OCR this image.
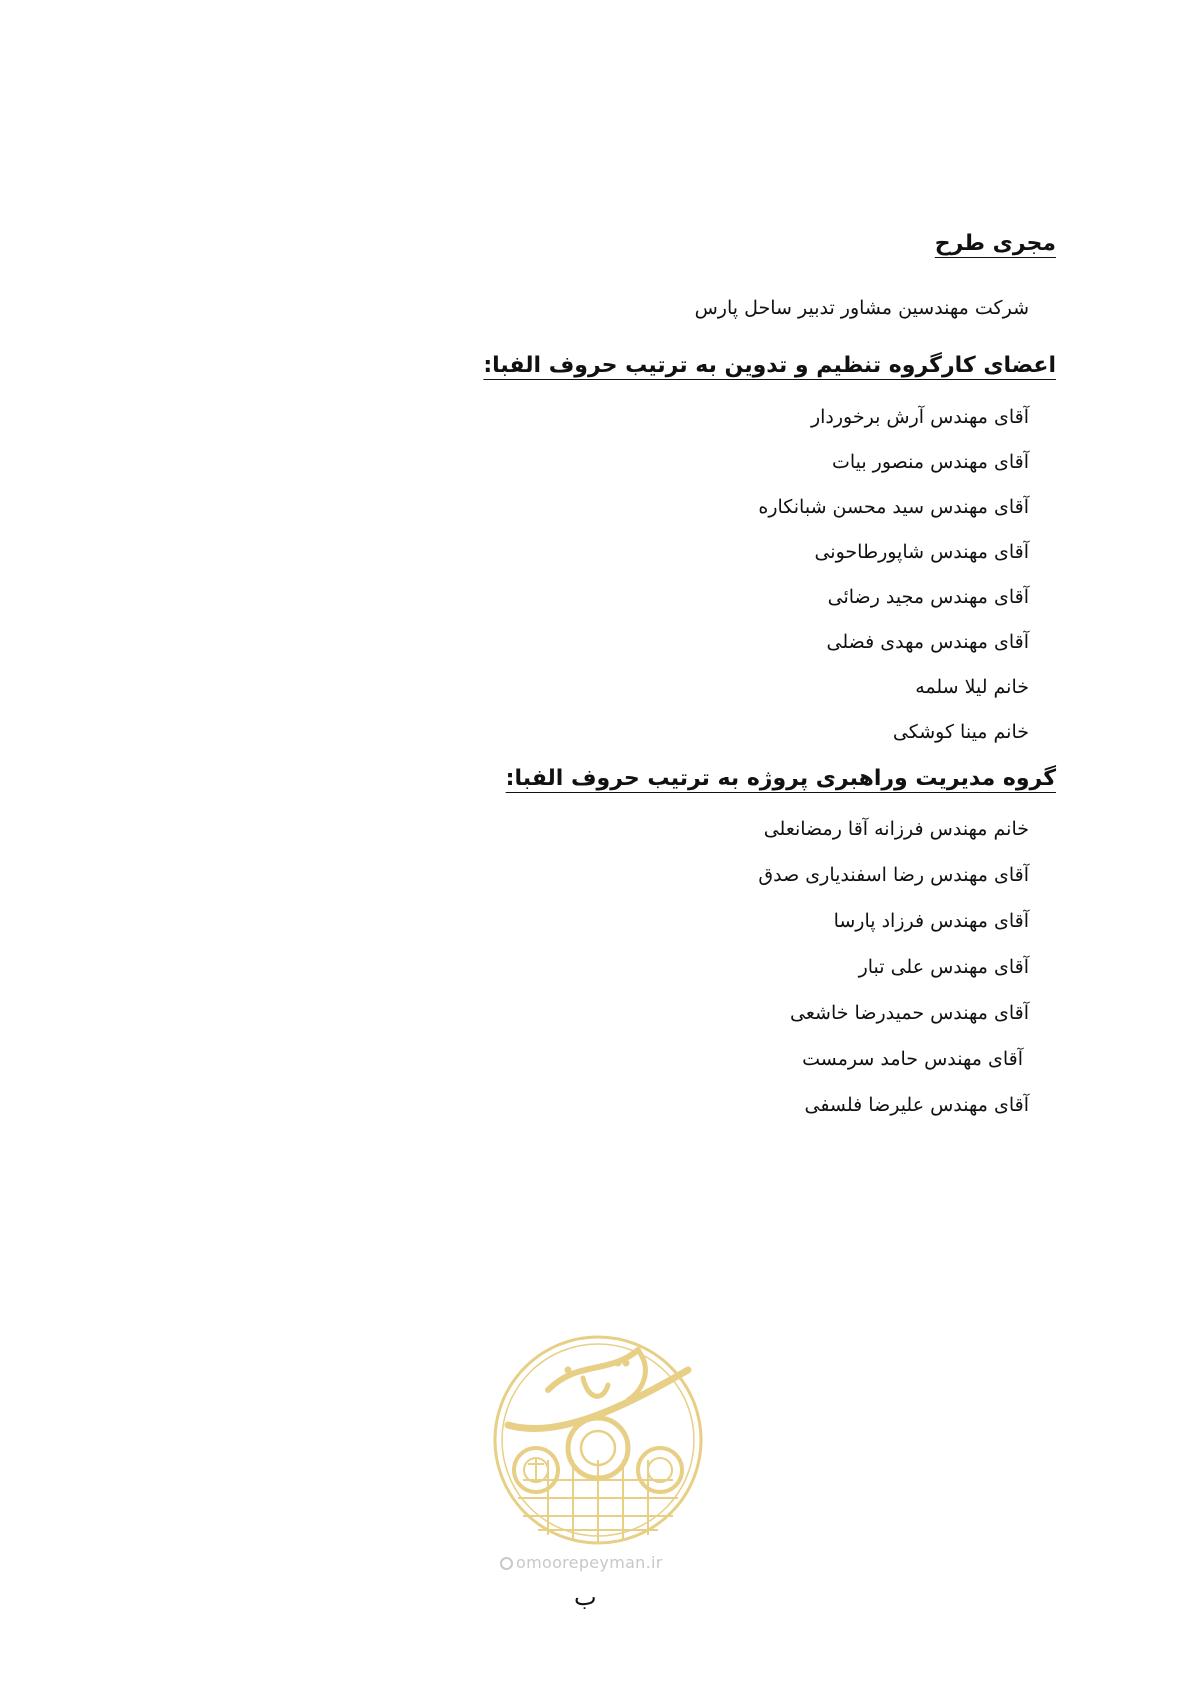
مجری طرح

شرکت مهندسین مشاور تدبیر ساحل پارس

اعضای کارگروه تنظیم و تدوین به ترتیب حروف الفبا:
آقای مهندس آرش برخوردار
آقای مهندس منصور بیات
آقای مهندس سید محسن شبانکاره
آقای مهندس شاپورطاحونی
آقای مهندس مجید رضائی
آقای مهندس مهدی فضلی
خانم لیلا سلمه
خانم مینا کوشکی
گروه مدیریت وراهبری پروژه به ترتیب حروف الفبا:
خانم مهندس فرزانه آقا رمضانعلی
آقای مهندس رضا اسفندیاری صدق
آقای مهندس فرزاد پارسا
آقای مهندس علی تبار
آقای مهندس حمیدرضا خاشعی
آقای مهندس حامد سرمست
آقای مهندس علیرضا فلسفی
omoorepeyman.ir
ب
